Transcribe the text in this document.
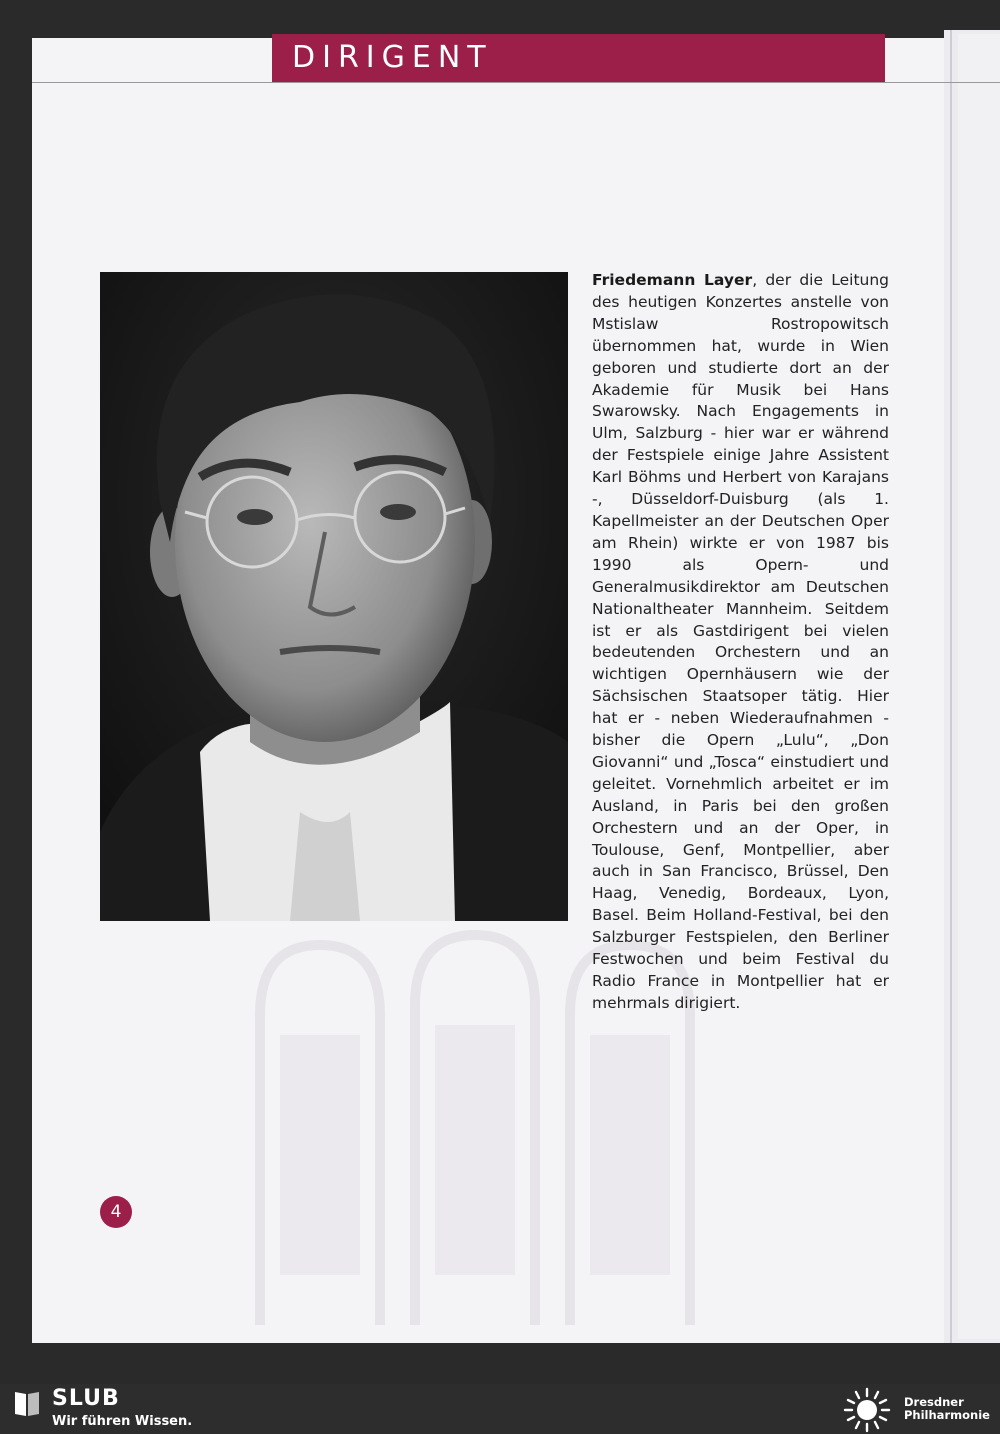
DIRIGENT
Friedemann Layer, der die Leitung des heutigen Konzertes anstelle von Mstislaw Rostropowitsch übernommen hat, wurde in Wien geboren und studierte dort an der Akademie für Musik bei Hans Swarowsky. Nach Engagements in Ulm, Salzburg - hier war er während der Festspiele einige Jahre Assistent Karl Böhms und Herbert von Karajans -, Düsseldorf-Duisburg (als 1. Kapellmeister an der Deutschen Oper am Rhein) wirkte er von 1987 bis 1990 als Opern- und Generalmusikdirektor am Deutschen Nationaltheater Mannheim. Seitdem ist er als Gastdirigent bei vielen bedeutenden Orchestern und an wichtigen Opernhäusern wie der Sächsischen Staatsoper tätig. Hier hat er - neben Wiederaufnahmen - bisher die Opern „Lulu“, „Don Giovanni“ und „Tosca“ einstudiert und geleitet. Vornehmlich arbeitet er im Ausland, in Paris bei den großen Orchestern und an der Oper, in Toulouse, Genf, Montpellier, aber auch in San Francisco, Brüssel, Den Haag, Venedig, Bordeaux, Lyon, Basel. Beim Holland-Festival, bei den Salzburger Festspielen, den Berliner Festwochen und beim Festival du Radio France in Montpellier hat er mehrmals dirigiert.
4
SLUB
Wir führen Wissen.
Dresdner
Philharmonie
